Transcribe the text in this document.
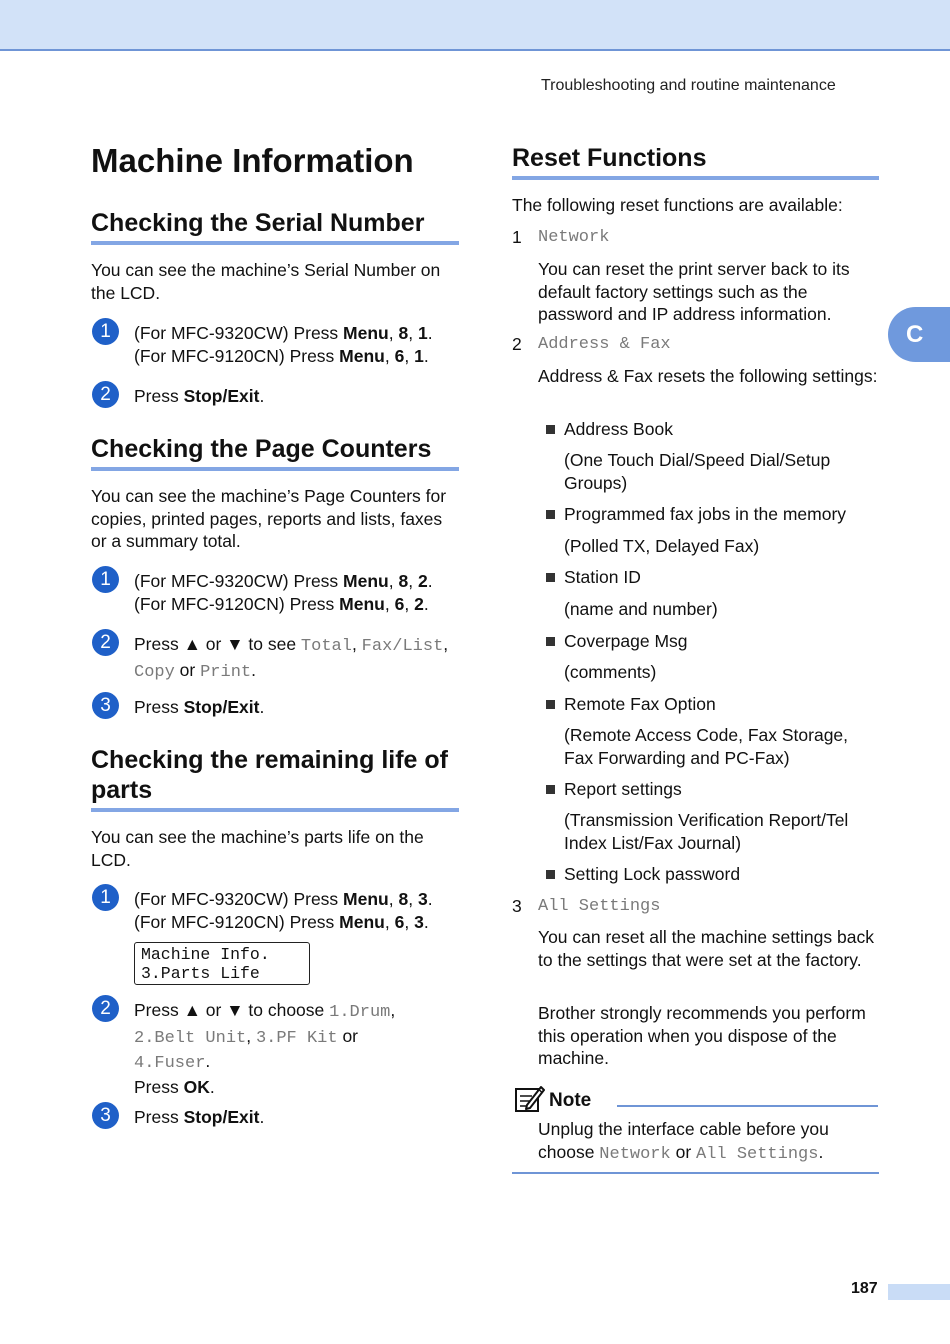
Troubleshooting and routine maintenance
C
Machine Information
Checking the Serial Number

You can see the machine’s Serial Number on the LCD.

1	(For MFC-9320CW) Press Menu, 8, 1.
(For MFC-9120CN) Press Menu, 6, 1.

2	Press Stop/Exit.

Checking the Page Counters

You can see the machine’s Page Counters for copies, printed pages, reports and lists, faxes or a summary total.

1	(For MFC-9320CW) Press Menu, 8, 2.
(For MFC-9120CN) Press Menu, 6, 2.

2	Press ▲ or ▼ to see Total, Fax/List,
Copy or Print.

3	Press Stop/Exit.

Checking the remaining life of
parts

You can see the machine’s parts life on the LCD.

1	(For MFC-9320CW) Press Menu, 8, 3.
(For MFC-9120CN) Press Menu, 6, 3.

Machine Info.
3.Parts Life
2	Press ▲ or ▼ to choose 1.Drum,
2.Belt Unit, 3.PF Kit or
4.Fuser.
Press OK.

3	Press Stop/Exit.

Reset Functions

The following reset functions are available:

1 Network

You can reset the print server back to its default factory settings such as the password and IP address information.

2 Address & Fax

Address & Fax resets the following settings:

Address Book

(One Touch Dial/Speed Dial/Setup Groups)

Programmed fax jobs in the memory

(Polled TX, Delayed Fax)

Station ID

(name and number)

Coverpage Msg

(comments)

Remote Fax Option

(Remote Access Code, Fax Storage, Fax Forwarding and PC-Fax)

Report settings

(Transmission Verification Report/Tel Index List/Fax Journal)

Setting Lock password

3 All Settings

You can reset all the machine settings back to the settings that were set at the factory.

Brother strongly recommends you perform this operation when you dispose of the machine.

Note

Unplug the interface cable before you choose Network or All Settings.

187
